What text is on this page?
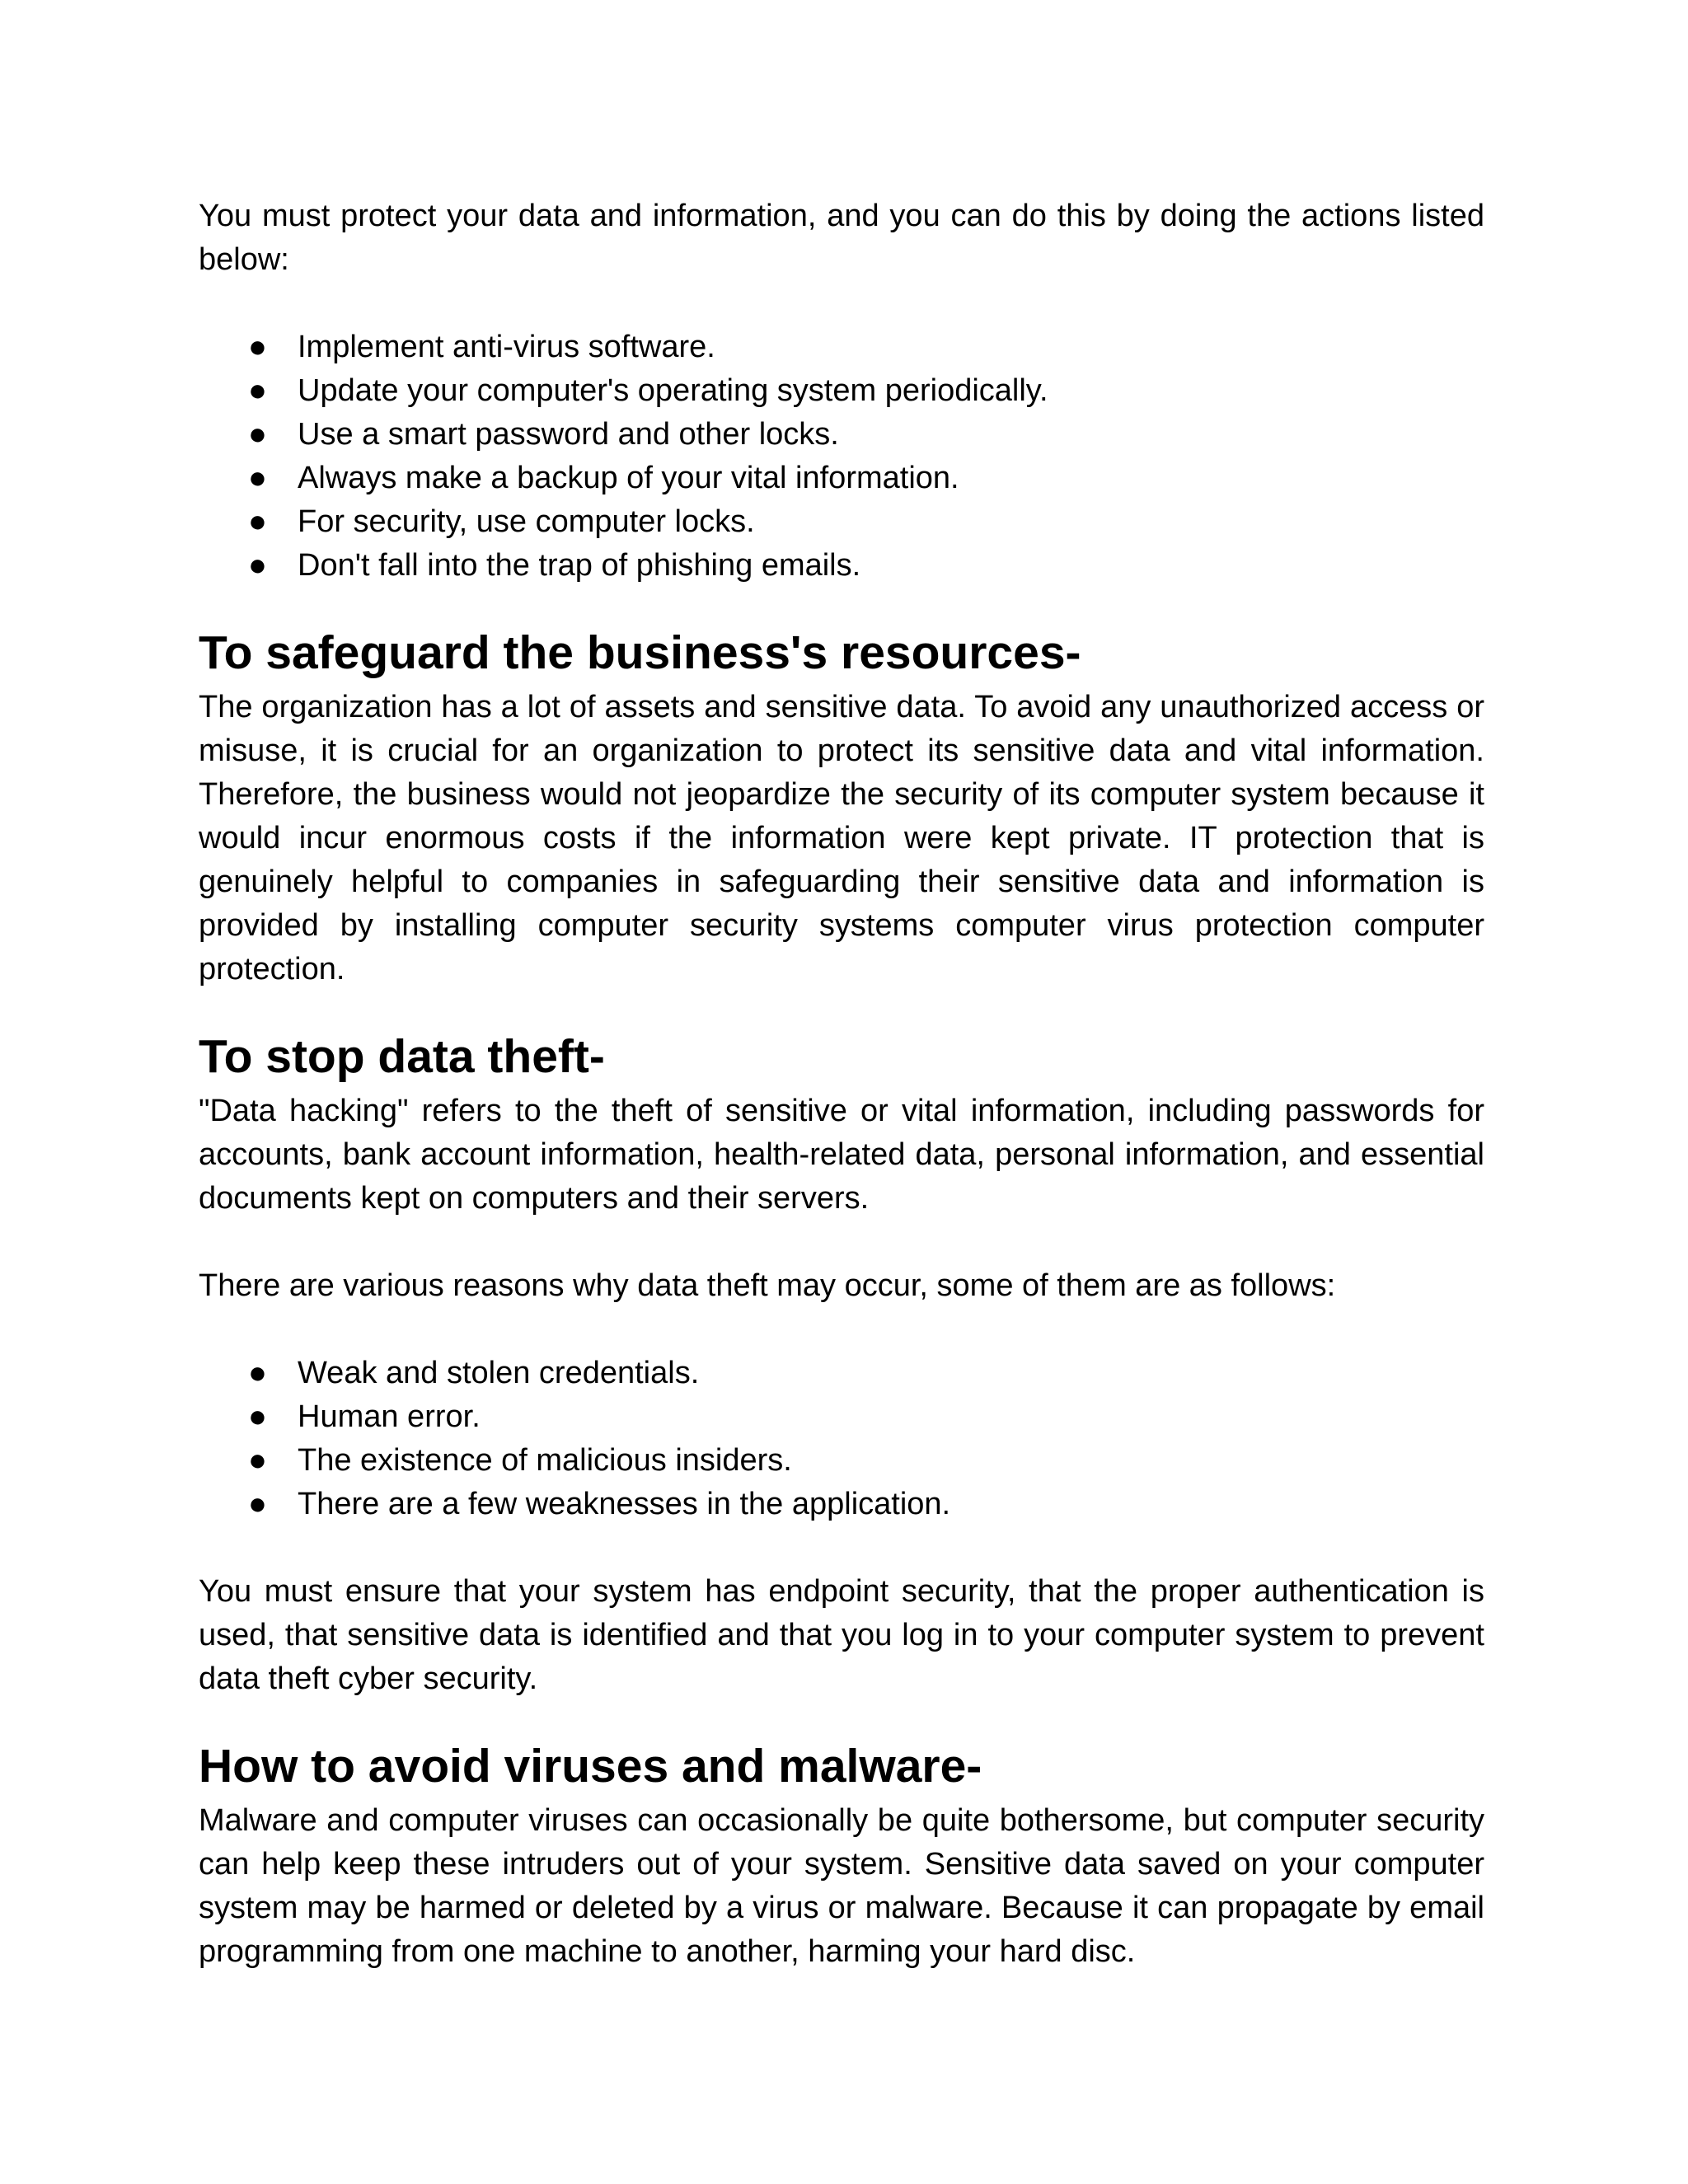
You must protect your data and information, and you can do this by doing the actions listed below:

● Implement anti-virus software.
● Update your computer's operating system periodically.
● Use a smart password and other locks.
● Always make a backup of your vital information.
● For security, use computer locks.
● Don't fall into the trap of phishing emails.
To safeguard the business's resources-

The organization has a lot of assets and sensitive data. To avoid any unauthorized access or misuse, it is crucial for an organization to protect its sensitive data and vital information. Therefore, the business would not jeopardize the security of its computer system because it would incur enormous costs if the information were kept private. IT protection that is genuinely helpful to companies in safeguarding their sensitive data and information is provided by installing computer security systems computer virus protection computer protection.

To stop data theft-

"Data hacking" refers to the theft of sensitive or vital information, including passwords for accounts, bank account information, health-related data, personal information, and essential documents kept on computers and their servers.

There are various reasons why data theft may occur, some of them are as follows:

● Weak and stolen credentials.
● Human error.
● The existence of malicious insiders.
● There are a few weaknesses in the application.

You must ensure that your system has endpoint security, that the proper authentication is used, that sensitive data is identified and that you log in to your computer system to prevent data theft cyber security.

How to avoid viruses and malware-

Malware and computer viruses can occasionally be quite bothersome, but computer security can help keep these intruders out of your system. Sensitive data saved on your computer system may be harmed or deleted by a virus or malware. Because it can propagate by email programming from one machine to another, harming your hard disc.
